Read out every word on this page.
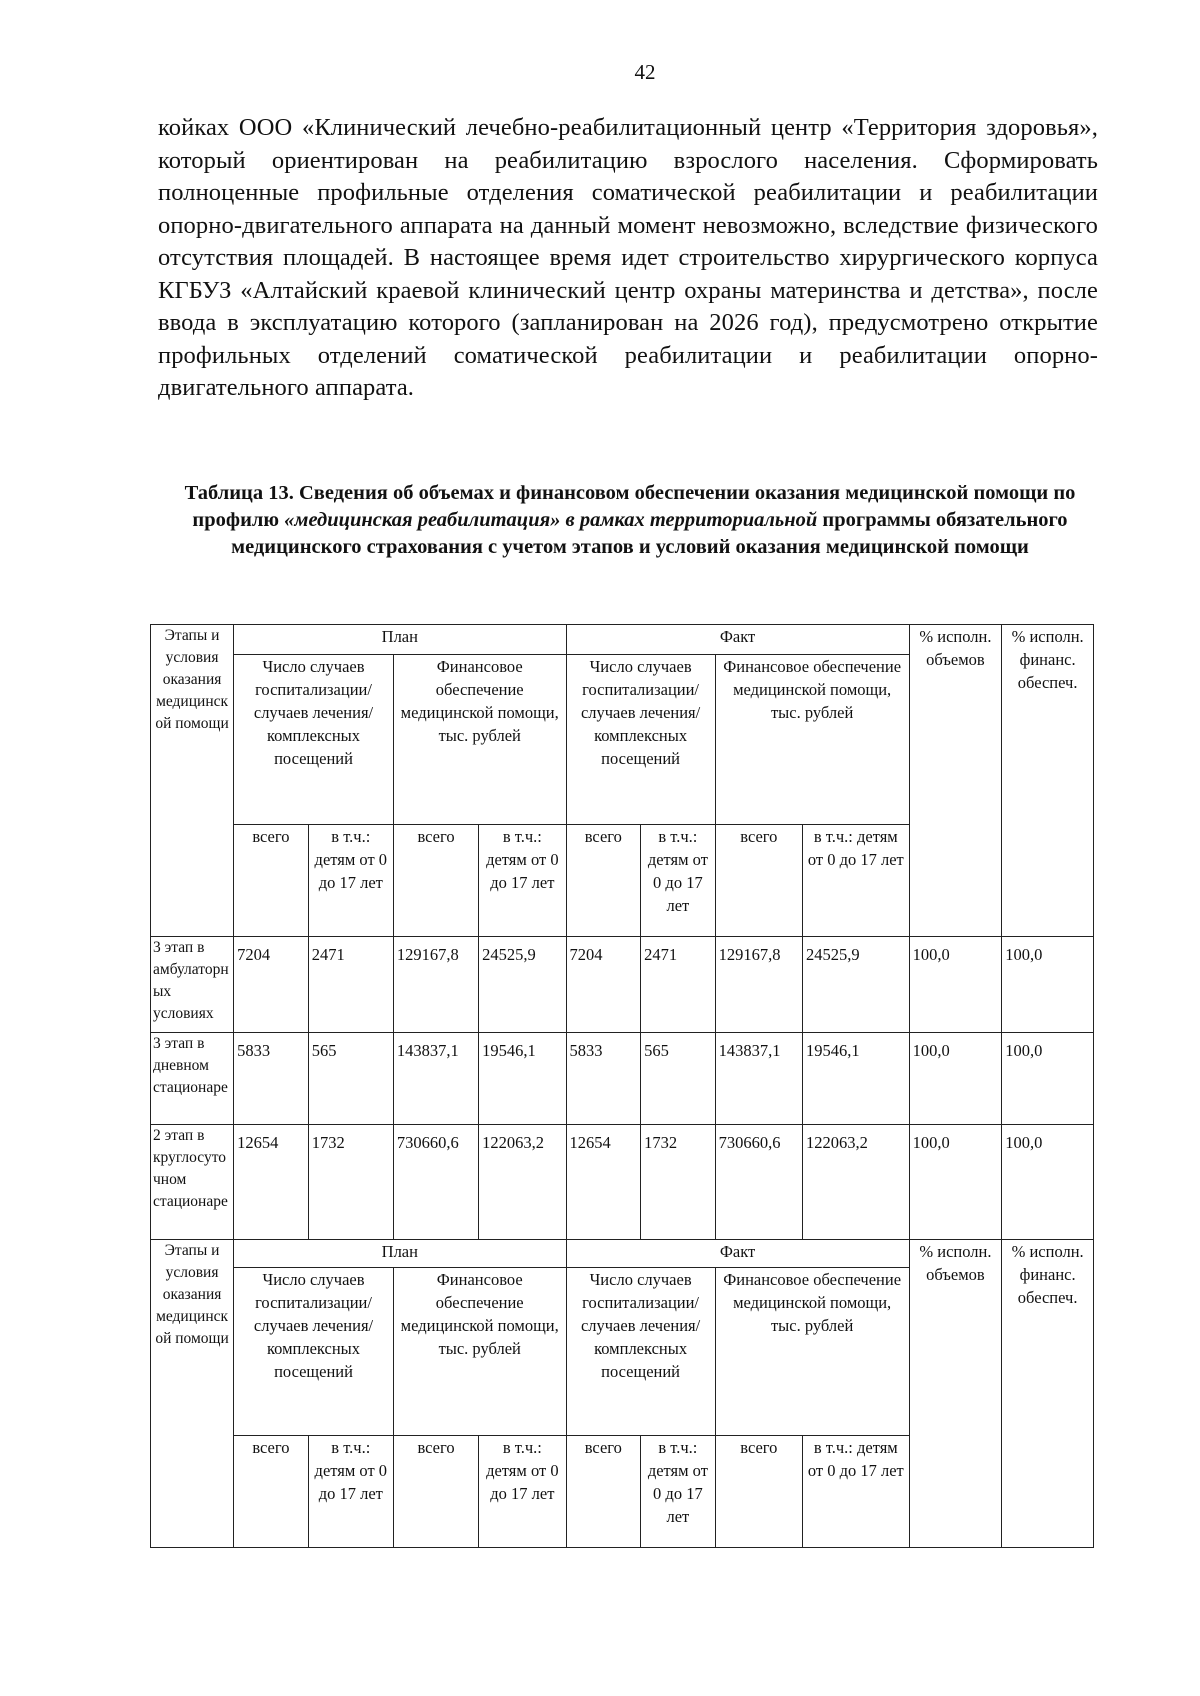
42
койках ООО «Клинический лечебно-реабилитационный центр «Территория здоровья», который ориентирован на реабилитацию взрослого населения. Сформировать полноценные профильные отделения соматической реабилитации и реабилитации опорно-двигательного аппарата на данный момент невозможно, вследствие физического отсутствия площадей. В настоящее время идет строительство хирургического корпуса КГБУЗ «Алтайский краевой клинический центр охраны материнства и детства», после ввода в эксплуатацию которого (запланирован на 2026 год), предусмотрено открытие профильных отделений соматической реабилитации и реабилитации опорно-двигательного аппарата.
Таблица 13. Сведения об объемах и финансовом обеспечении оказания медицинской помощи по профилю «медицинская реабилитация» в рамках территориальной программы обязательного медицинского страхования с учетом этапов и условий оказания медицинской помощи
Этапы и условия оказания медицинской помощи	План				Факт				% исполн. объемов	% исполн. финанс. обеспеч.
	Число случаев госпитализации/ случаев лечения/ комплексных посещений		Финансовое обеспечение медицинской помощи, тыс. рублей		Число случаев госпитализации/ случаев лечения/ комплексных посещений		Финансовое обеспечение медицинской помощи, тыс. рублей			
	всего	в т.ч.: детям от 0 до 17 лет	всего	в т.ч.: детям от 0 до 17 лет	всего	в т.ч.: детям от 0 до 17 лет	всего	в т.ч.: детям от 0 до 17 лет		
3 этап в амбулаторных условиях	7204	2471	129167,8	24525,9	7204	2471	129167,8	24525,9	100,0	100,0
3 этап в дневном стационаре	5833	565	143837,1	19546,1	5833	565	143837,1	19546,1	100,0	100,0
2 этап в круглосуточном стационаре	12654	1732	730660,6	122063,2	12654	1732	730660,6	122063,2	100,0	100,0
Этапы и условия оказания медицинской помощи	План				Факт				% исполн. объемов	% исполн. финанс. обеспеч.
	Число случаев госпитализации/ случаев лечения/ комплексных посещений		Финансовое обеспечение медицинской помощи, тыс. рублей		Число случаев госпитализации/ случаев лечения/ комплексных посещений		Финансовое обеспечение медицинской помощи, тыс. рублей			
	всего	в т.ч.: детям от 0 до 17 лет	всего	в т.ч.: детям от 0 до 17 лет	всего	в т.ч.: детям от 0 до 17 лет	всего	в т.ч.: детям от 0 до 17 лет		
